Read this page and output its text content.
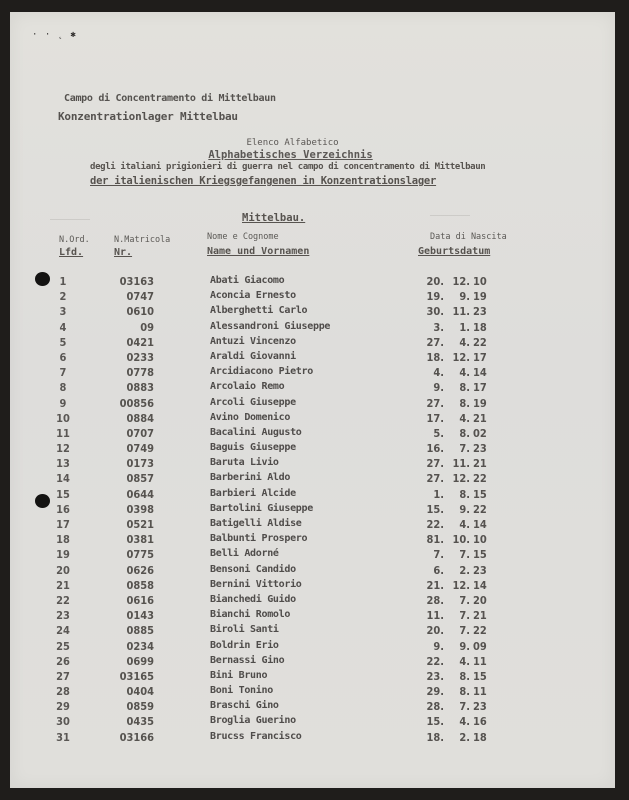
· · ˛ ✱
Campo di Concentramento di Mittelbaun
Konzentrationlager Mittelbau
Elenco Alfabetico
Alphabetisches Verzeichnis
degli italiani prigionieri di guerra nel campo di concentramento di Mittelbaun
der italienischen Kriegsgefangenen in Konzentrationslager
Mittelbau.
N.Ord.
Lfd.
N.Matricola
Nr.
Nome e Cognome
Name und Vornamen
Data di Nascita
Geburtsdatum
1	03163	Abati Giacomo	20 .	12 . 10
2	0747	Aconcia Ernesto	19 .	9 . 19
3	0610	Alberghetti Carlo	30 .	11 . 23
4	09	Alessandroni Giuseppe	3 .	1 . 18
5	0421	Antuzi Vincenzo	27 .	4 . 22
6	0233	Araldi Giovanni	18 .	12 . 17
7	0778	Arcidiacono Pietro	4 .	4 . 14
8	0883	Arcolaio Remo	9 .	8 . 17
9	00856	Arcoli Giuseppe	27 .	8 . 19
10	0884	Avino Domenico	17 .	4 . 21
11	0707	Bacalini Augusto	5 .	8 . 02
12	0749	Baguis Giuseppe	16 .	7 . 23
13	0173	Baruta Livio	27 .	11 . 21
14	0857	Barberini Aldo	27 .	12 . 22
15	0644	Barbieri Alcide	1 .	8 . 15
16	0398	Bartolini Giuseppe	15 .	9 . 22
17	0521	Batigelli Aldise	22 .	4 . 14
18	0381	Balbunti Prospero	81 .	10 . 10
19	0775	Belli Adorné	7 .	7 . 15
20	0626	Bensoni Candido	6 .	2 . 23
21	0858	Bernini Vittorio	21 .	12 . 14
22	0616	Bianchedi Guido	28 .	7 . 20
23	0143	Bianchi Romolo	11 .	7 . 21
24	0885	Biroli Santi	20 .	7 . 22
25	0234	Boldrin Erio	9 .	9 . 09
26	0699	Bernassi Gino	22 .	4 . 11
27	03165	Bini Bruno	23 .	8 . 15
28	0404	Boni Tonino	29 .	8 . 11
29	0859	Braschi Gino	28 .	7 . 23
30	0435	Broglia Guerino	15 .	4 . 16
31	03166	Brucss Francisco	18 .	2 . 18
